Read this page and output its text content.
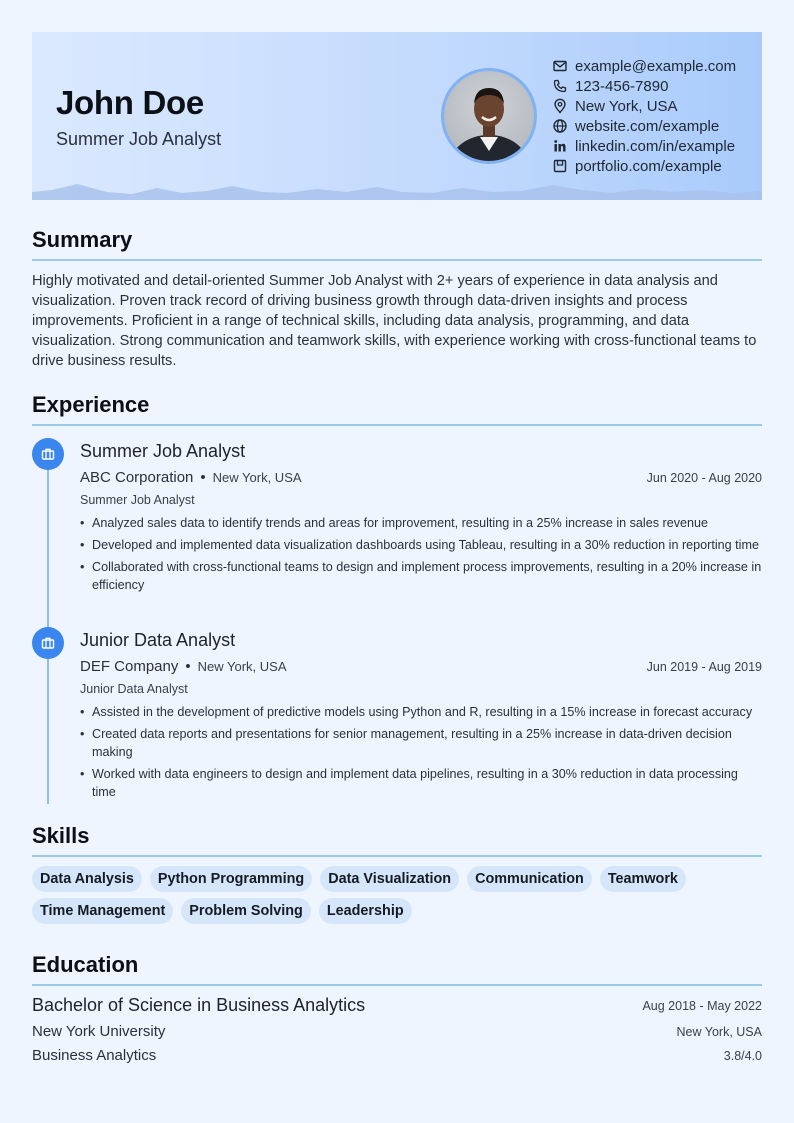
John Doe
Summer Job Analyst
example@example.com
123-456-7890
New York, USA
website.com/example
linkedin.com/in/example
portfolio.com/example
Summary
Highly motivated and detail-oriented Summer Job Analyst with 2+ years of experience in data analysis and visualization. Proven track record of driving business growth through data-driven insights and process improvements. Proficient in a range of technical skills, including data analysis, programming, and data visualization. Strong communication and teamwork skills, with experience working with cross-functional teams to drive business results.
Experience
Summer Job Analyst
ABC Corporation • New York, USA	Jun 2020 - Aug 2020
Summer Job Analyst
• Analyzed sales data to identify trends and areas for improvement, resulting in a 25% increase in sales revenue
• Developed and implemented data visualization dashboards using Tableau, resulting in a 30% reduction in reporting time
• Collaborated with cross-functional teams to design and implement process improvements, resulting in a 20% increase in efficiency
Junior Data Analyst
DEF Company • New York, USA	Jun 2019 - Aug 2019
Junior Data Analyst
• Assisted in the development of predictive models using Python and R, resulting in a 15% increase in forecast accuracy
• Created data reports and presentations for senior management, resulting in a 25% increase in data-driven decision making
• Worked with data engineers to design and implement data pipelines, resulting in a 30% reduction in data processing time
Skills
Data Analysis	Python Programming	Data Visualization	Communication	Teamwork
Time Management	Problem Solving	Leadership
Education
Bachelor of Science in Business Analytics	Aug 2018 - May 2022
New York University	New York, USA
Business Analytics	3.8/4.0
